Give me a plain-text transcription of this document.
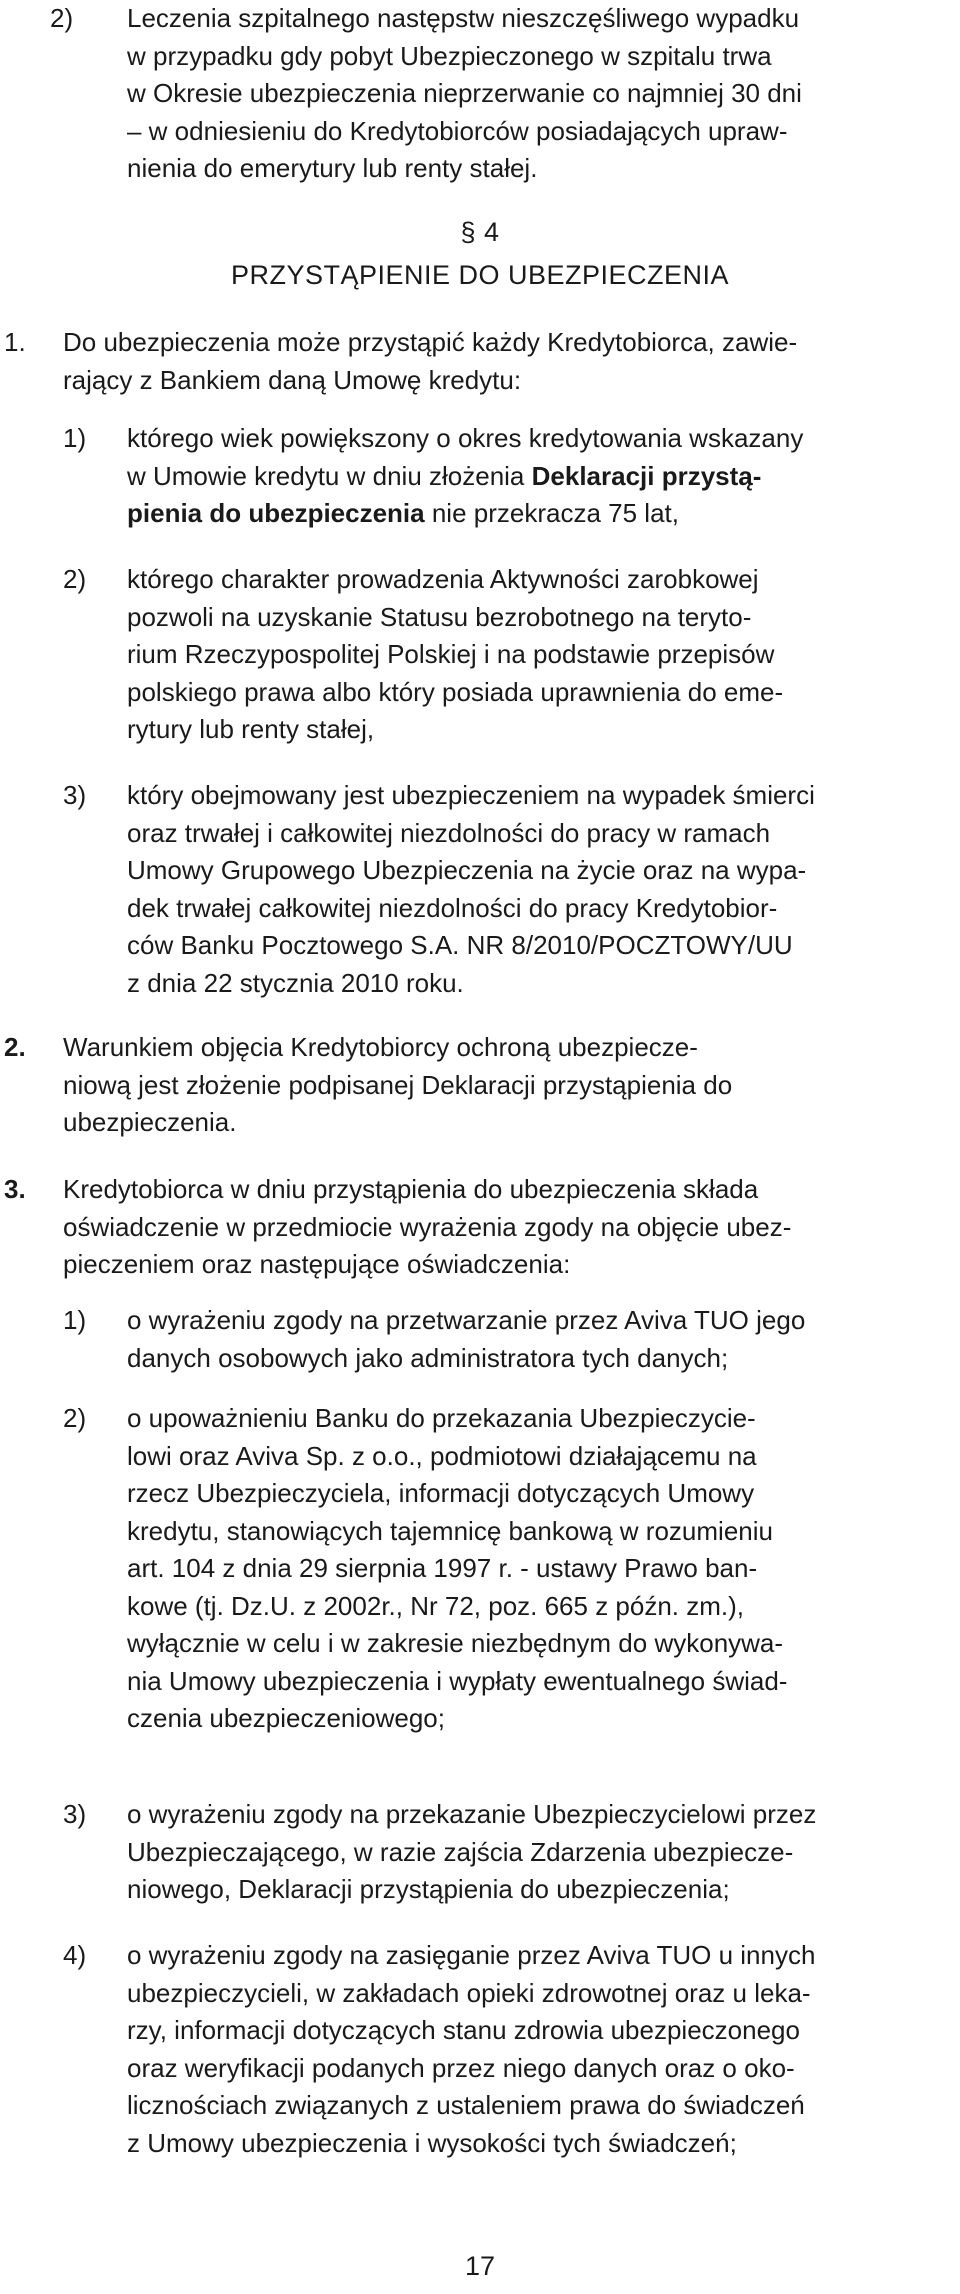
2) Leczenia szpitalnego następstw nieszczęśliwego wypadku
w przypadku gdy pobyt Ubezpieczonego w szpitalu trwa
w Okresie ubezpieczenia nieprzerwanie co najmniej 30 dni
– w odniesieniu do Kredytobiorców posiadających upraw-
nienia do emerytury lub renty stałej.
§ 4
PRZYSTĄPIENIE DO UBEZPIECZENIA
1. Do ubezpieczenia może przystąpić każdy Kredytobiorca, zawie-
rający z Bankiem daną Umowę kredytu:
1) którego wiek powiększony o okres kredytowania wskazany
w Umowie kredytu w dniu złożenia Deklaracji przystą-
pienia do ubezpieczenia nie przekracza 75 lat,
2) którego charakter prowadzenia Aktywności zarobkowej
pozwoli na uzyskanie Statusu bezrobotnego na teryto-
rium Rzeczypospolitej Polskiej i na podstawie przepisów
polskiego prawa albo który posiada uprawnienia do eme-
rytury lub renty stałej,
3) który obejmowany jest ubezpieczeniem na wypadek śmierci
oraz trwałej i całkowitej niezdolności do pracy w ramach
Umowy Grupowego Ubezpieczenia na życie oraz na wypa-
dek trwałej całkowitej niezdolności do pracy Kredytobior-
ców Banku Pocztowego S.A. NR 8/2010/POCZTOWY/UU
z dnia 22 stycznia 2010 roku.
2. Warunkiem objęcia Kredytobiorcy ochroną ubezpiecze-
niową jest złożenie podpisanej Deklaracji przystąpienia do
ubezpieczenia.
3. Kredytobiorca w dniu przystąpienia do ubezpieczenia składa
oświadczenie w przedmiocie wyrażenia zgody na objęcie ubez-
pieczeniem oraz następujące oświadczenia:
1) o wyrażeniu zgody na przetwarzanie przez Aviva TUO jego
danych osobowych jako administratora tych danych;
2) o upoważnieniu Banku do przekazania Ubezpieczycie-
lowi oraz Aviva Sp. z o.o., podmiotowi działającemu na
rzecz Ubezpieczyciela, informacji dotyczących Umowy
kredytu, stanowiących tajemnicę bankową w rozumieniu
art. 104 z dnia 29 sierpnia 1997 r. - ustawy Prawo ban-
kowe (tj. Dz.U. z 2002r., Nr 72, poz. 665 z późn. zm.),
wyłącznie w celu i w zakresie niezbędnym do wykonywa-
nia Umowy ubezpieczenia i wypłaty ewentualnego świad-
czenia ubezpieczeniowego;
3) o wyrażeniu zgody na przekazanie Ubezpieczycielowi przez
Ubezpieczającego, w razie zajścia Zdarzenia ubezpiecze-
niowego, Deklaracji przystąpienia do ubezpieczenia;
4) o wyrażeniu zgody na zasięganie przez Aviva TUO u innych
ubezpieczycieli, w zakładach opieki zdrowotnej oraz u leka-
rzy, informacji dotyczących stanu zdrowia ubezpieczonego
oraz weryfikacji podanych przez niego danych oraz o oko-
licznościach związanych z ustaleniem prawa do świadczeń
z Umowy ubezpieczenia i wysokości tych świadczeń;
17
